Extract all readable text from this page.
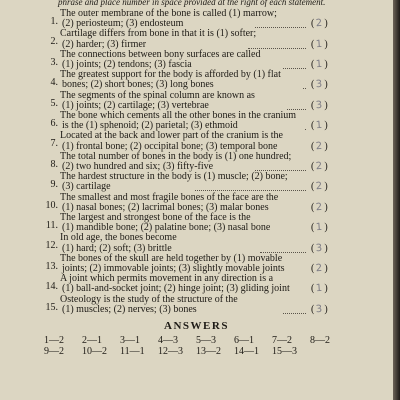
phrase and place number in space provided at the right of each statement.
1.
The outer membrane of the bone is called (1) marrow;
(2) periosteum; (3) endosteum	(2)
2.
Cartilage differs from bone in that it is (1) softer;
(2) harder; (3) firmer	(1)
3.
The connections between bony surfaces are called
(1) joints; (2) tendons; (3) fascia	(1)
4.
The greatest support for the body is afforded by (1) flat
bones; (2) short bones; (3) long bones	(3)
5.
The segments of the spinal column are known as
(1) joints; (2) cartilage; (3) vertebrae	(3)
6.
The bone which cements all the other bones in the cranium
is the (1) sphenoid; (2) parietal; (3) ethmoid	(1)
7.
Located at the back and lower part of the cranium is the
(1) frontal bone; (2) occipital bone; (3) temporal bone	(2)
8.
The total number of bones in the body is (1) one hundred;
(2) two hundred and six; (3) fifty-five	(2)
9.
The hardest structure in the body is (1) muscle; (2) bone;
(3) cartilage	(2)
10.
The smallest and most fragile bones of the face are the
(1) nasal bones; (2) lacrimal bones; (3) malar bones	(2)
11.
The largest and strongest bone of the face is the
(1) mandible bone; (2) palatine bone; (3) nasal bone	(1)
12.
In old age, the bones become
(1) hard; (2) soft; (3) brittle	(3)
13.
The bones of the skull are held together by (1) movable
joints; (2) immovable joints; (3) slightly movable joints	(2)
14.
A joint which permits movement in any direction is a
(1) ball-and-socket joint; (2) hinge joint; (3) gliding joint (1)
15.
Osteology is the study of the structure of the
(1) muscles; (2) nerves; (3) bones	(3)
ANSWERS
1—2 2—1 3—1 4—3 5—3 6—1 7—2 8—2
9—2 10—2 11—1 12—3 13—2 14—1 15—3
